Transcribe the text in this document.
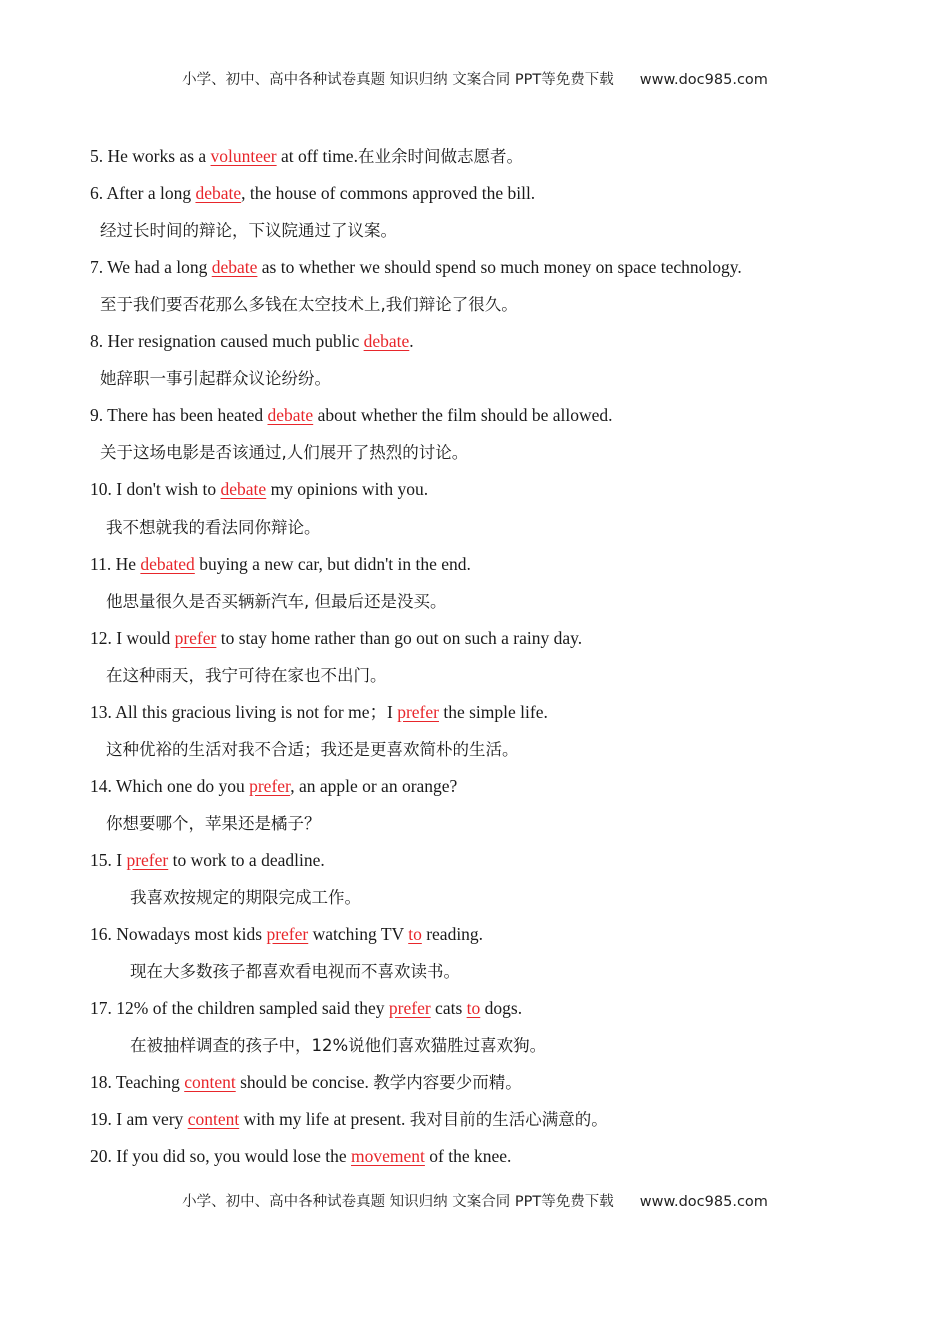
小学、初中、高中各种试卷真题 知识归纳 文案合同 PPT等免费下载 www.doc985.com
5. He works as a volunteer at off time.在业余时间做志愿者。
6. After a long debate, the house of commons approved the bill.
经过长时间的辩论，下议院通过了议案。
7. We had a long debate as to whether we should spend so much money on space technology.
至于我们要否花那么多钱在太空技术上,我们辩论了很久。
8. Her resignation caused much public debate.
她辞职一事引起群众议论纷纷。
9. There has been heated debate about whether the film should be allowed.
关于这场电影是否该通过,人们展开了热烈的讨论。
10. I don't wish to debate my opinions with you.
我不想就我的看法同你辩论。
11. He debated buying a new car, but didn't in the end.
他思量很久是否买辆新汽车, 但最后还是没买。
12. I would prefer to stay home rather than go out on such a rainy day.
在这种雨天，我宁可待在家也不出门。
13. All this gracious living is not for me；I prefer the simple life.
这种优裕的生活对我不合适；我还是更喜欢简朴的生活。
14. Which one do you prefer, an apple or an orange?
你想要哪个，苹果还是橘子？
15. I prefer to work to a deadline.
我喜欢按规定的期限完成工作。
16. Nowadays most kids prefer watching TV to reading.
现在大多数孩子都喜欢看电视而不喜欢读书。
17. 12% of the children sampled said they prefer cats to dogs.
在被抽样调查的孩子中，12%说他们喜欢猫胜过喜欢狗。
18. Teaching content should be concise. 教学内容要少而精。
19. I am very content with my life at present. 我对目前的生活心满意的。
20. If you did so, you would lose the movement of the knee.
小学、初中、高中各种试卷真题 知识归纳 文案合同 PPT等免费下载 www.doc985.com
